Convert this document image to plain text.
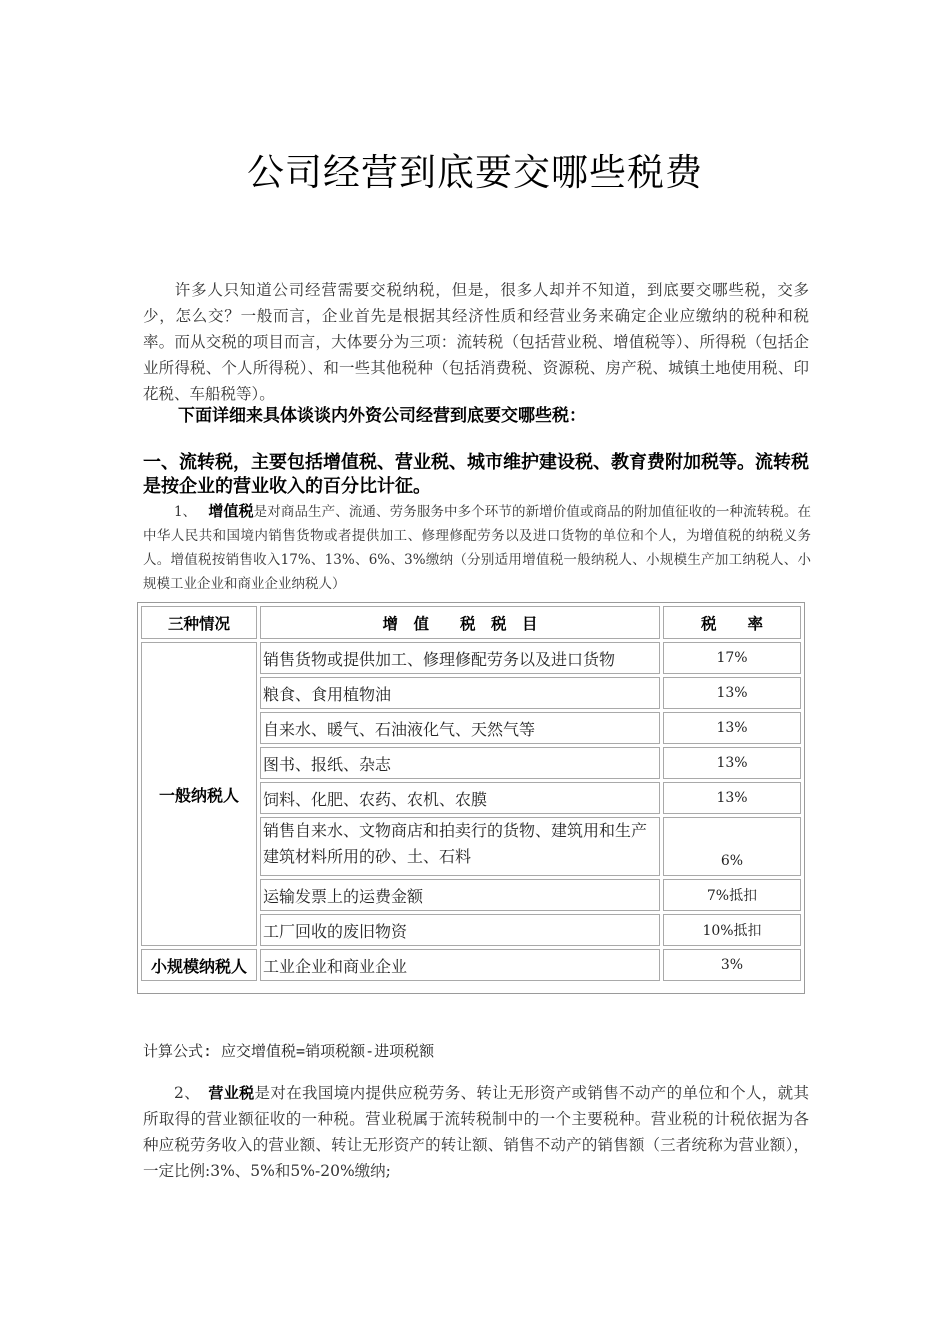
公司经营到底要交哪些税费
许多人只知道公司经营需要交税纳税，但是，很多人却并不知道，到底要交哪些税，交多少，怎么交？一般而言，企业首先是根据其经济性质和经营业务来确定企业应缴纳的税种和税率。而从交税的项目而言，大体要分为三项：流转税（包括营业税、增值税等）、所得税（包括企业所得税、个人所得税）、和一些其他税种（包括消费税、资源税、房产税、城镇土地使用税、印花税、车船税等）。
下面详细来具体谈谈内外资公司经营到底要交哪些税：
一、流转税，主要包括增值税、营业税、城市维护建设税、教育费附加税等。流转税是按企业的营业收入的百分比计征。
1、 增值税是对商品生产、流通、劳务服务中多个环节的新增价值或商品的附加值征收的一种流转税。在中华人民共和国境内销售货物或者提供加工、修理修配劳务以及进口货物的单位和个人，为增值税的纳税义务人。增值税按销售收入17%、13%、6%、3%缴纳（分别适用增值税一般纳税人、小规模生产加工纳税人、小规模工业企业和商业企业纳税人）
三种情况	增　值　　税　税　目	税　　率
一般纳税人	销售货物或提供加工、修理修配劳务以及进口货物	17%
	粮食、食用植物油	13%
	自来水、暖气、石油液化气、天然气等	13%
	图书、报纸、杂志	13%
	饲料、化肥、农药、农机、农膜	13%
	销售自来水、文物商店和拍卖行的货物、建筑用和生产建筑材料所用的砂、土、石料	6%
	运输发票上的运费金额	7%抵扣
	工厂回收的废旧物资	10%抵扣
小规模纳税人	工业企业和商业企业	3%
计算公式: 应交增值税=销项税额-进项税额
2、 营业税是对在我国境内提供应税劳务、转让无形资产或销售不动产的单位和个人，就其所取得的营业额征收的一种税。营业税属于流转税制中的一个主要税种。营业税的计税依据为各种应税劳务收入的营业额、转让无形资产的转让额、销售不动产的销售额（三者统称为营业额），一定比例:3%、5%和5%-20%缴纳;
